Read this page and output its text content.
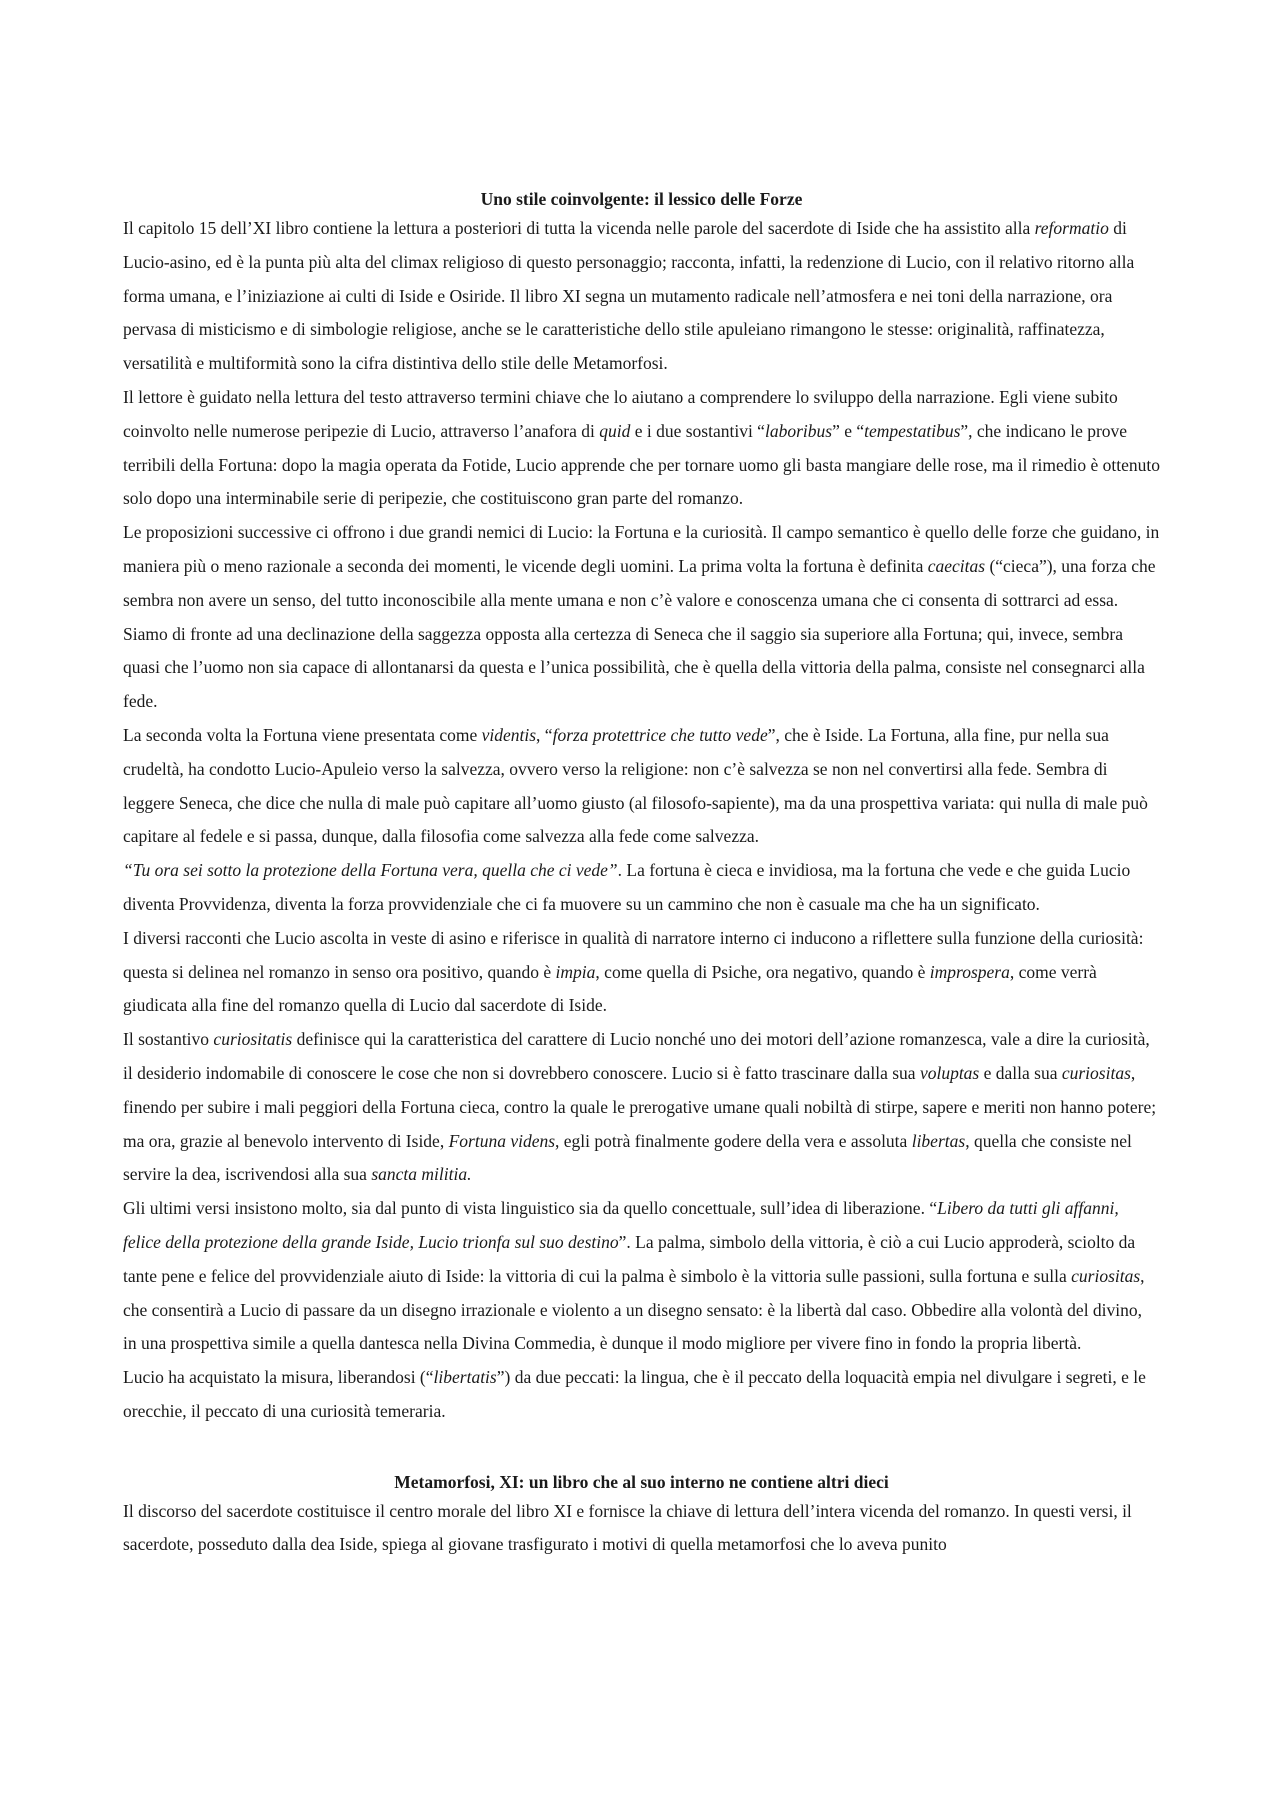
Uno stile coinvolgente: il lessico delle Forze

Il capitolo 15 dell’XI libro contiene la lettura a posteriori di tutta la vicenda nelle parole del sacerdote di Iside che ha assistito alla reformatio di Lucio-asino, ed è la punta più alta del climax religioso di questo personaggio; racconta, infatti, la redenzione di Lucio, con il relativo ritorno alla forma umana, e l’iniziazione ai culti di Iside e Osiride. Il libro XI segna un mutamento radicale nell’atmosfera e nei toni della narrazione, ora pervasa di misticismo e di simbologie religiose, anche se le caratteristiche dello stile apuleiano rimangono le stesse: originalità, raffinatezza, versatilità e multiformità sono la cifra distintiva dello stile delle Metamorfosi.

Il lettore è guidato nella lettura del testo attraverso termini chiave che lo aiutano a comprendere lo sviluppo della narrazione. Egli viene subito coinvolto nelle numerose peripezie di Lucio, attraverso l’anafora di quid e i due sostantivi “laboribus” e “tempestatibus”, che indicano le prove terribili della Fortuna: dopo la magia operata da Fotide, Lucio apprende che per tornare uomo gli basta mangiare delle rose, ma il rimedio è ottenuto solo dopo una interminabile serie di peripezie, che costituiscono gran parte del romanzo.

Le proposizioni successive ci offrono i due grandi nemici di Lucio: la Fortuna e la curiosità. Il campo semantico è quello delle forze che guidano, in maniera più o meno razionale a seconda dei momenti, le vicende degli uomini. La prima volta la fortuna è definita caecitas (“cieca”), una forza che sembra non avere un senso, del tutto inconoscibile alla mente umana e non c’è valore e conoscenza umana che ci consenta di sottrarci ad essa. Siamo di fronte ad una declinazione della saggezza opposta alla certezza di Seneca che il saggio sia superiore alla Fortuna; qui, invece, sembra quasi che l’uomo non sia capace di allontanarsi da questa e l’unica possibilità, che è quella della vittoria della palma, consiste nel consegnarci alla fede.

La seconda volta la Fortuna viene presentata come videntis, “forza protettrice che tutto vede”, che è Iside. La Fortuna, alla fine, pur nella sua crudeltà, ha condotto Lucio-Apuleio verso la salvezza, ovvero verso la religione: non c’è salvezza se non nel convertirsi alla fede. Sembra di leggere Seneca, che dice che nulla di male può capitare all’uomo giusto (al filosofo-sapiente), ma da una prospettiva variata: qui nulla di male può capitare al fedele e si passa, dunque, dalla filosofia come salvezza alla fede come salvezza.

“Tu ora sei sotto la protezione della Fortuna vera, quella che ci vede”. La fortuna è cieca e invidiosa, ma la fortuna che vede e che guida Lucio diventa Provvidenza, diventa la forza provvidenziale che ci fa muovere su un cammino che non è casuale ma che ha un significato.

I diversi racconti che Lucio ascolta in veste di asino e riferisce in qualità di narratore interno ci inducono a riflettere sulla funzione della curiosità: questa si delinea nel romanzo in senso ora positivo, quando è impia, come quella di Psiche, ora negativo, quando è improspera, come verrà giudicata alla fine del romanzo quella di Lucio dal sacerdote di Iside.

Il sostantivo curiositatis definisce qui la caratteristica del carattere di Lucio nonché uno dei motori dell’azione romanzesca, vale a dire la curiosità, il desiderio indomabile di conoscere le cose che non si dovrebbero conoscere. Lucio si è fatto trascinare dalla sua voluptas e dalla sua curiositas, finendo per subire i mali peggiori della Fortuna cieca, contro la quale le prerogative umane quali nobiltà di stirpe, sapere e meriti non hanno potere; ma ora, grazie al benevolo intervento di Iside, Fortuna videns, egli potrà finalmente godere della vera e assoluta libertas, quella che consiste nel servire la dea, iscrivendosi alla sua sancta militia.

Gli ultimi versi insistono molto, sia dal punto di vista linguistico sia da quello concettuale, sull’idea di liberazione. “Libero da tutti gli affanni, felice della protezione della grande Iside, Lucio trionfa sul suo destino”. La palma, simbolo della vittoria, è ciò a cui Lucio approderà, sciolto da tante pene e felice del provvidenziale aiuto di Iside: la vittoria di cui la palma è simbolo è la vittoria sulle passioni, sulla fortuna e sulla curiositas, che consentirà a Lucio di passare da un disegno irrazionale e violento a un disegno sensato: è la libertà dal caso. Obbedire alla volontà del divino, in una prospettiva simile a quella dantesca nella Divina Commedia, è dunque il modo migliore per vivere fino in fondo la propria libertà.

Lucio ha acquistato la misura, liberandosi (“libertatis”) da due peccati: la lingua, che è il peccato della loquacità empia nel divulgare i segreti, e le orecchie, il peccato di una curiosità temeraria.

Metamorfosi, XI: un libro che al suo interno ne contiene altri dieci

Il discorso del sacerdote costituisce il centro morale del libro XI e fornisce la chiave di lettura dell’intera vicenda del romanzo. In questi versi, il sacerdote, posseduto dalla dea Iside, spiega al giovane trasfigurato i motivi di quella metamorfosi che lo aveva punito
